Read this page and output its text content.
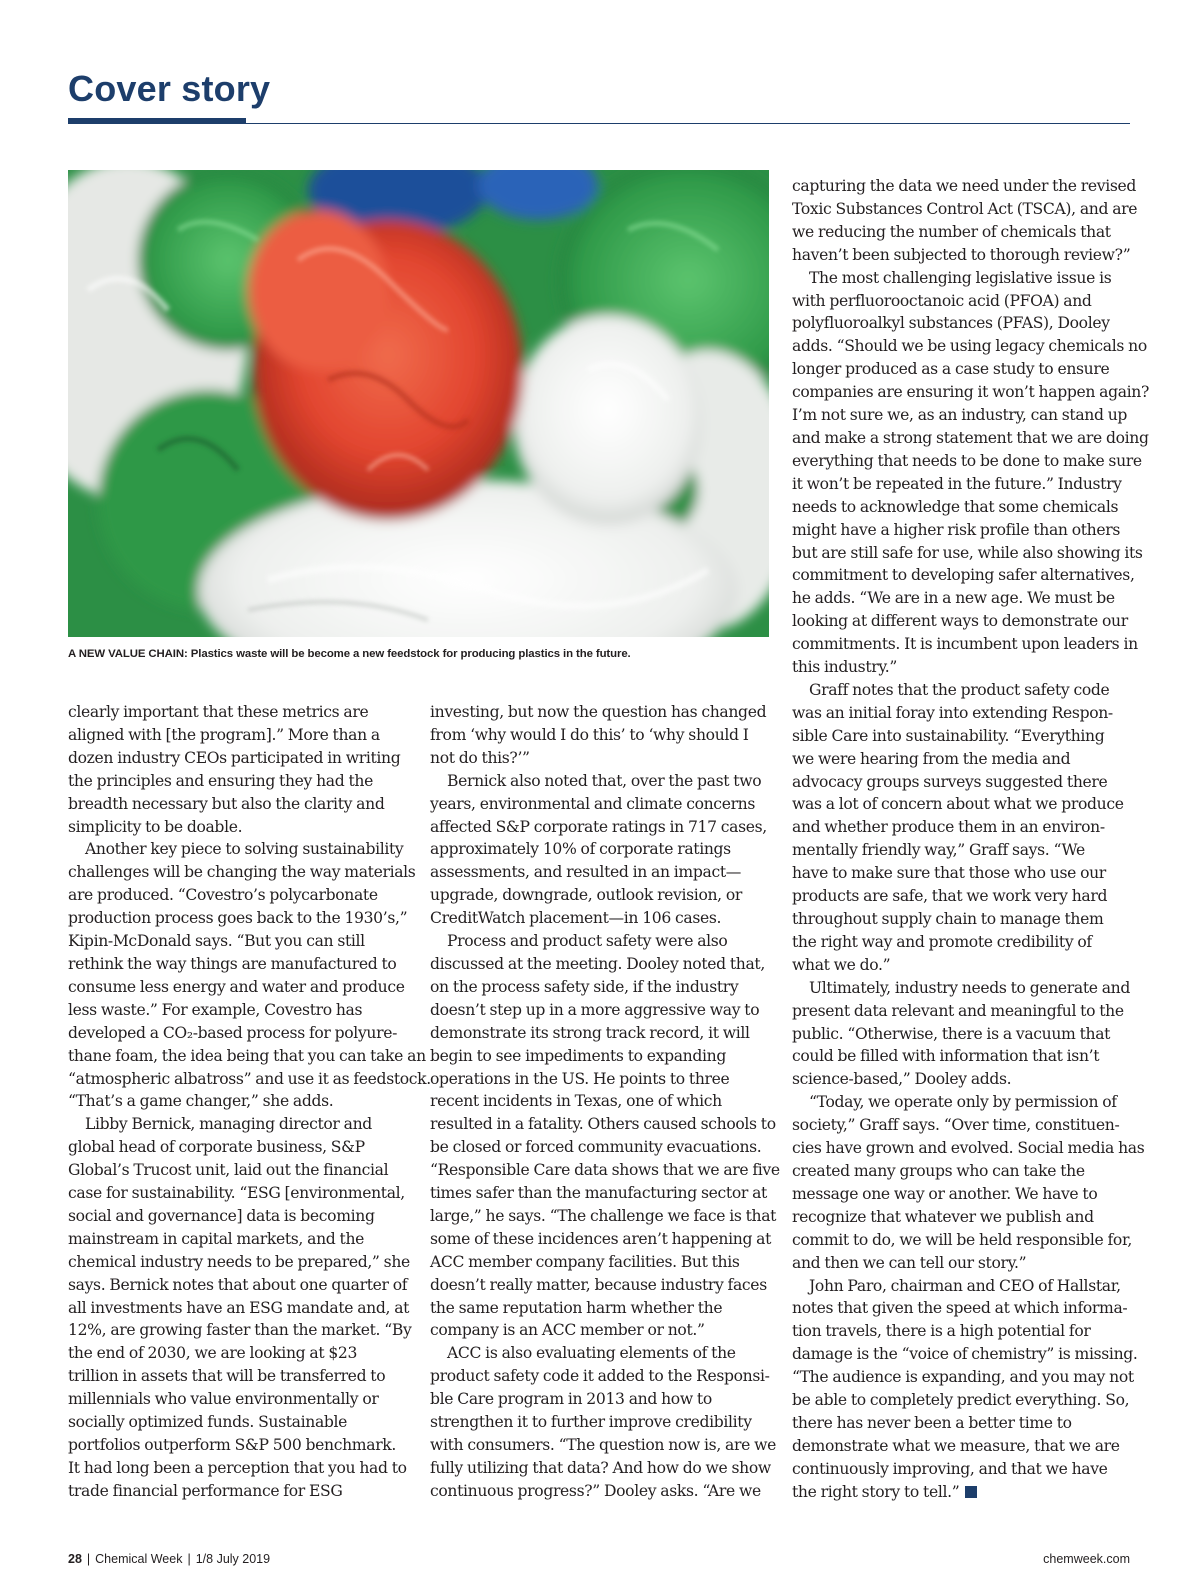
Cover story
A NEW VALUE CHAIN: Plastics waste will be become a new feedstock for producing plastics in the future.

clearly important that these metrics are

aligned with [the program].” More than a

dozen industry CEOs participated in writing

the principles and ensuring they had the

breadth necessary but also the clarity and

simplicity to be doable.

Another key piece to solving sustainability

challenges will be changing the way materials

are produced. “Covestro’s polycarbonate

production process goes back to the 1930’s,”

Kipin-McDonald says. “But you can still

rethink the way things are manufactured to

consume less energy and water and produce

less waste.” For example, Covestro has

developed a CO₂-based process for polyure-

thane foam, the idea being that you can take an

“atmospheric albatross” and use it as feedstock.

“That’s a game changer,” she adds.

Libby Bernick, managing director and

global head of corporate business, S&P

Global’s Trucost unit, laid out the financial

case for sustainability. “ESG [environmental,

social and governance] data is becoming

mainstream in capital markets, and the

chemical industry needs to be prepared,” she

says. Bernick notes that about one quarter of

all investments have an ESG mandate and, at

12%, are growing faster than the market. “By

the end of 2030, we are looking at $23

trillion in assets that will be transferred to

millennials who value environmentally or

socially optimized funds. Sustainable

portfolios outperform S&P 500 benchmark.

It had long been a perception that you had to

trade financial performance for ESG

investing, but now the question has changed

from ‘why would I do this’ to ‘why should I

not do this?’”

Bernick also noted that, over the past two

years, environmental and climate concerns

affected S&P corporate ratings in 717 cases,

approximately 10% of corporate ratings

assessments, and resulted in an impact—

upgrade, downgrade, outlook revision, or

CreditWatch placement—in 106 cases.

Process and product safety were also

discussed at the meeting. Dooley noted that,

on the process safety side, if the industry

doesn’t step up in a more aggressive way to

demonstrate its strong track record, it will

begin to see impediments to expanding

operations in the US. He points to three

recent incidents in Texas, one of which

resulted in a fatality. Others caused schools to

be closed or forced community evacuations.

“Responsible Care data shows that we are five

times safer than the manufacturing sector at

large,” he says. “The challenge we face is that

some of these incidences aren’t happening at

ACC member company facilities. But this

doesn’t really matter, because industry faces

the same reputation harm whether the

company is an ACC member or not.”

ACC is also evaluating elements of the

product safety code it added to the Responsi-

ble Care program in 2013 and how to

strengthen it to further improve credibility

with consumers. “The question now is, are we

fully utilizing that data? And how do we show

continuous progress?” Dooley asks. “Are we

capturing the data we need under the revised

Toxic Substances Control Act (TSCA), and are

we reducing the number of chemicals that

haven’t been subjected to thorough review?”

The most challenging legislative issue is

with perfluorooctanoic acid (PFOA) and

polyfluoroalkyl substances (PFAS), Dooley

adds. “Should we be using legacy chemicals no

longer produced as a case study to ensure

companies are ensuring it won’t happen again?

I’m not sure we, as an industry, can stand up

and make a strong statement that we are doing

everything that needs to be done to make sure

it won’t be repeated in the future.” Industry

needs to acknowledge that some chemicals

might have a higher risk profile than others

but are still safe for use, while also showing its

commitment to developing safer alternatives,

he adds. “We are in a new age. We must be

looking at different ways to demonstrate our

commitments. It is incumbent upon leaders in

this industry.”

Graff notes that the product safety code

was an initial foray into extending Respon-

sible Care into sustainability. “Everything

we were hearing from the media and

advocacy groups surveys suggested there

was a lot of concern about what we produce

and whether produce them in an environ-

mentally friendly way,” Graff says. “We

have to make sure that those who use our

products are safe, that we work very hard

throughout supply chain to manage them

the right way and promote credibility of

what we do.”

Ultimately, industry needs to generate and

present data relevant and meaningful to the

public. “Otherwise, there is a vacuum that

could be filled with information that isn’t

science-based,” Dooley adds.

“Today, we operate only by permission of

society,” Graff says. “Over time, constituen-

cies have grown and evolved. Social media has

created many groups who can take the

message one way or another. We have to

recognize that whatever we publish and

commit to do, we will be held responsible for,

and then we can tell our story.”

John Paro, chairman and CEO of Hallstar,

notes that given the speed at which informa-

tion travels, there is a high potential for

damage is the “voice of chemistry” is missing.

“The audience is expanding, and you may not

be able to completely predict everything. So,

there has never been a better time to

demonstrate what we measure, that we are

continuously improving, and that we have

the right story to tell.”

28 | Chemical Week | 1/8 July 2019	chemweek.com
